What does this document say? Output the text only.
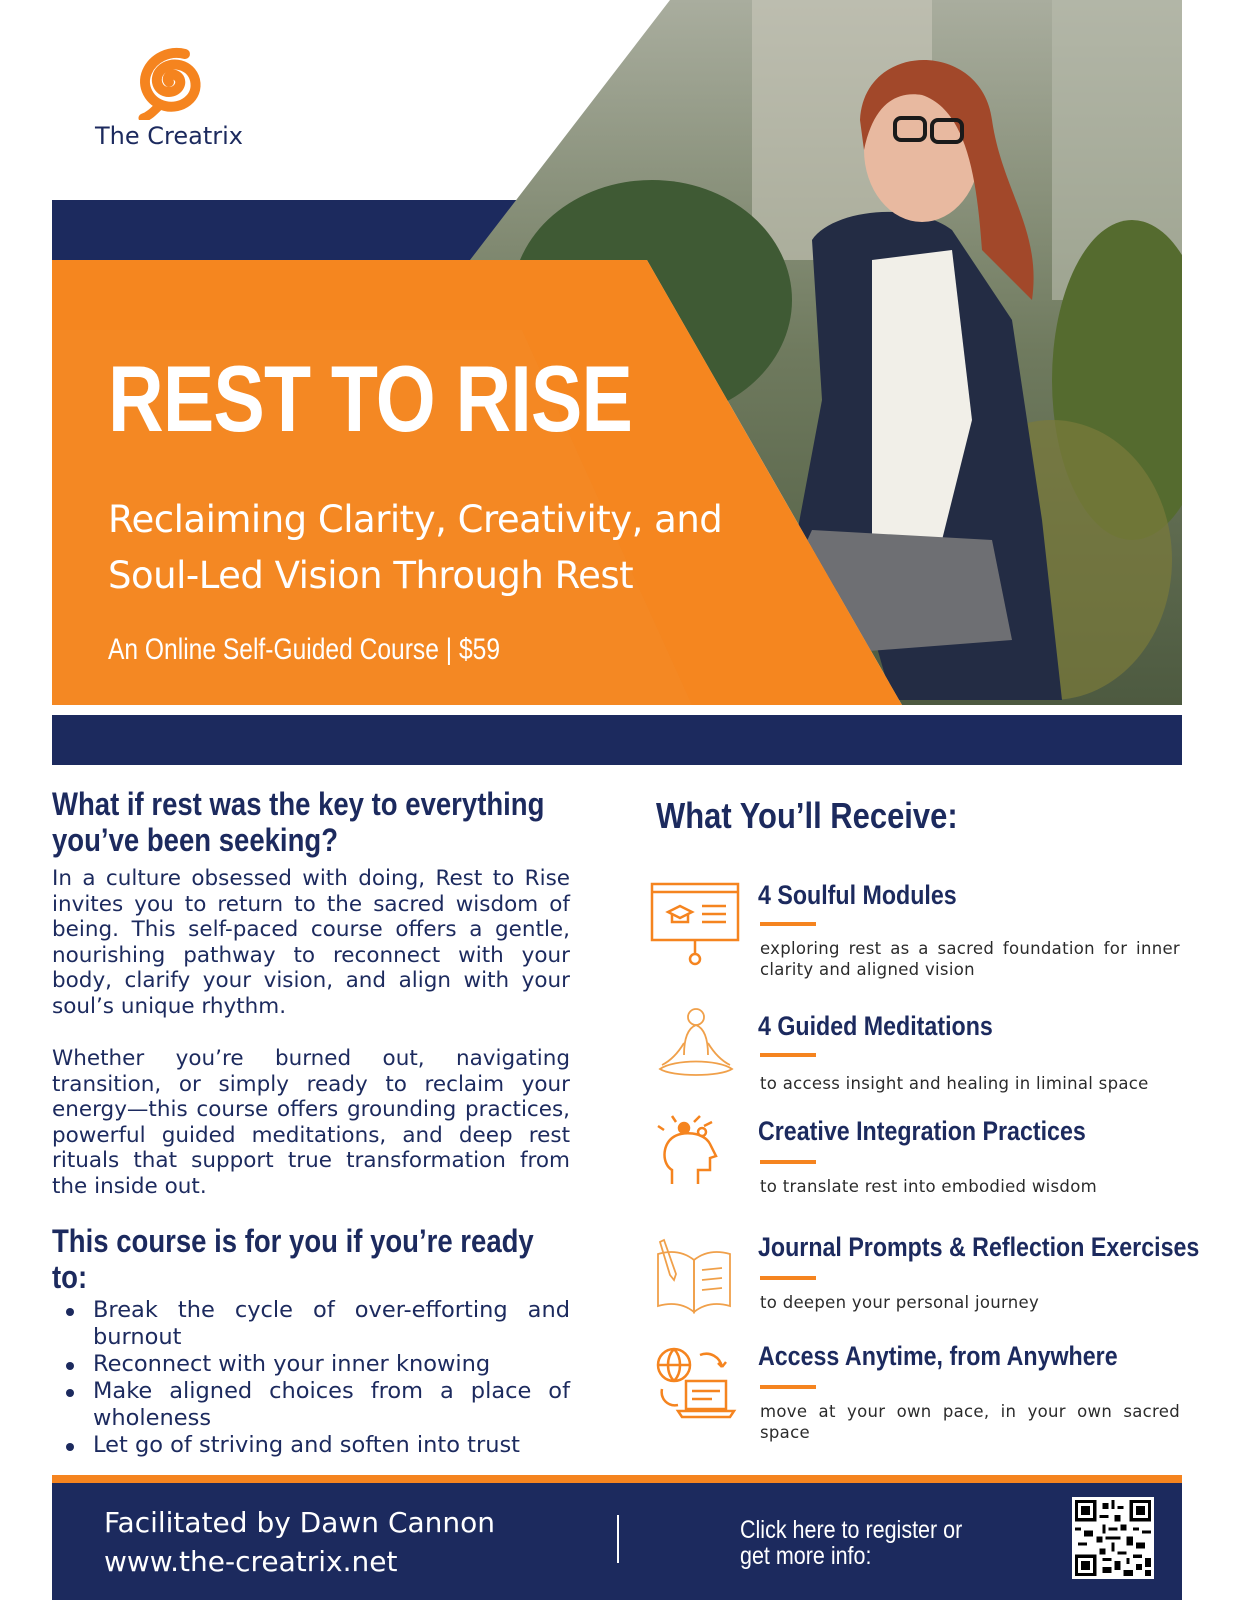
The Creatrix
REST TO RISE
Reclaiming Clarity, Creativity, and Soul-Led Vision Through Rest
An Online Self-Guided Course | $59
What if rest was the key to everything you’ve been seeking?

In a culture obsessed with doing, Rest to Rise invites you to return to the sacred wisdom of being. This self-paced course offers a gentle, nourishing pathway to reconnect with your body, clarify your vision, and align with your soul’s unique rhythm.

Whether you’re burned out, navigating transition, or simply ready to reclaim your energy—this course offers grounding practices, powerful guided meditations, and deep rest rituals that support true transformation from the inside out.

This course is for you if you’re ready to:
Break the cycle of over-efforting and burnout
Reconnect with your inner knowing
Make aligned choices from a place of wholeness
Let go of striving and soften into trust
What You’ll Receive:
4 Soulful Modules
exploring rest as a sacred foundation for inner clarity and aligned vision
4 Guided Meditations
to access insight and healing in liminal space
Creative Integration Practices
to translate rest into embodied wisdom
Journal Prompts & Reflection Exercises
to deepen your personal journey
Access Anytime, from Anywhere
move at your own pace, in your own sacred space
Facilitated by Dawn Cannon
www.the-creatrix.net
Click here to register or get more info:
